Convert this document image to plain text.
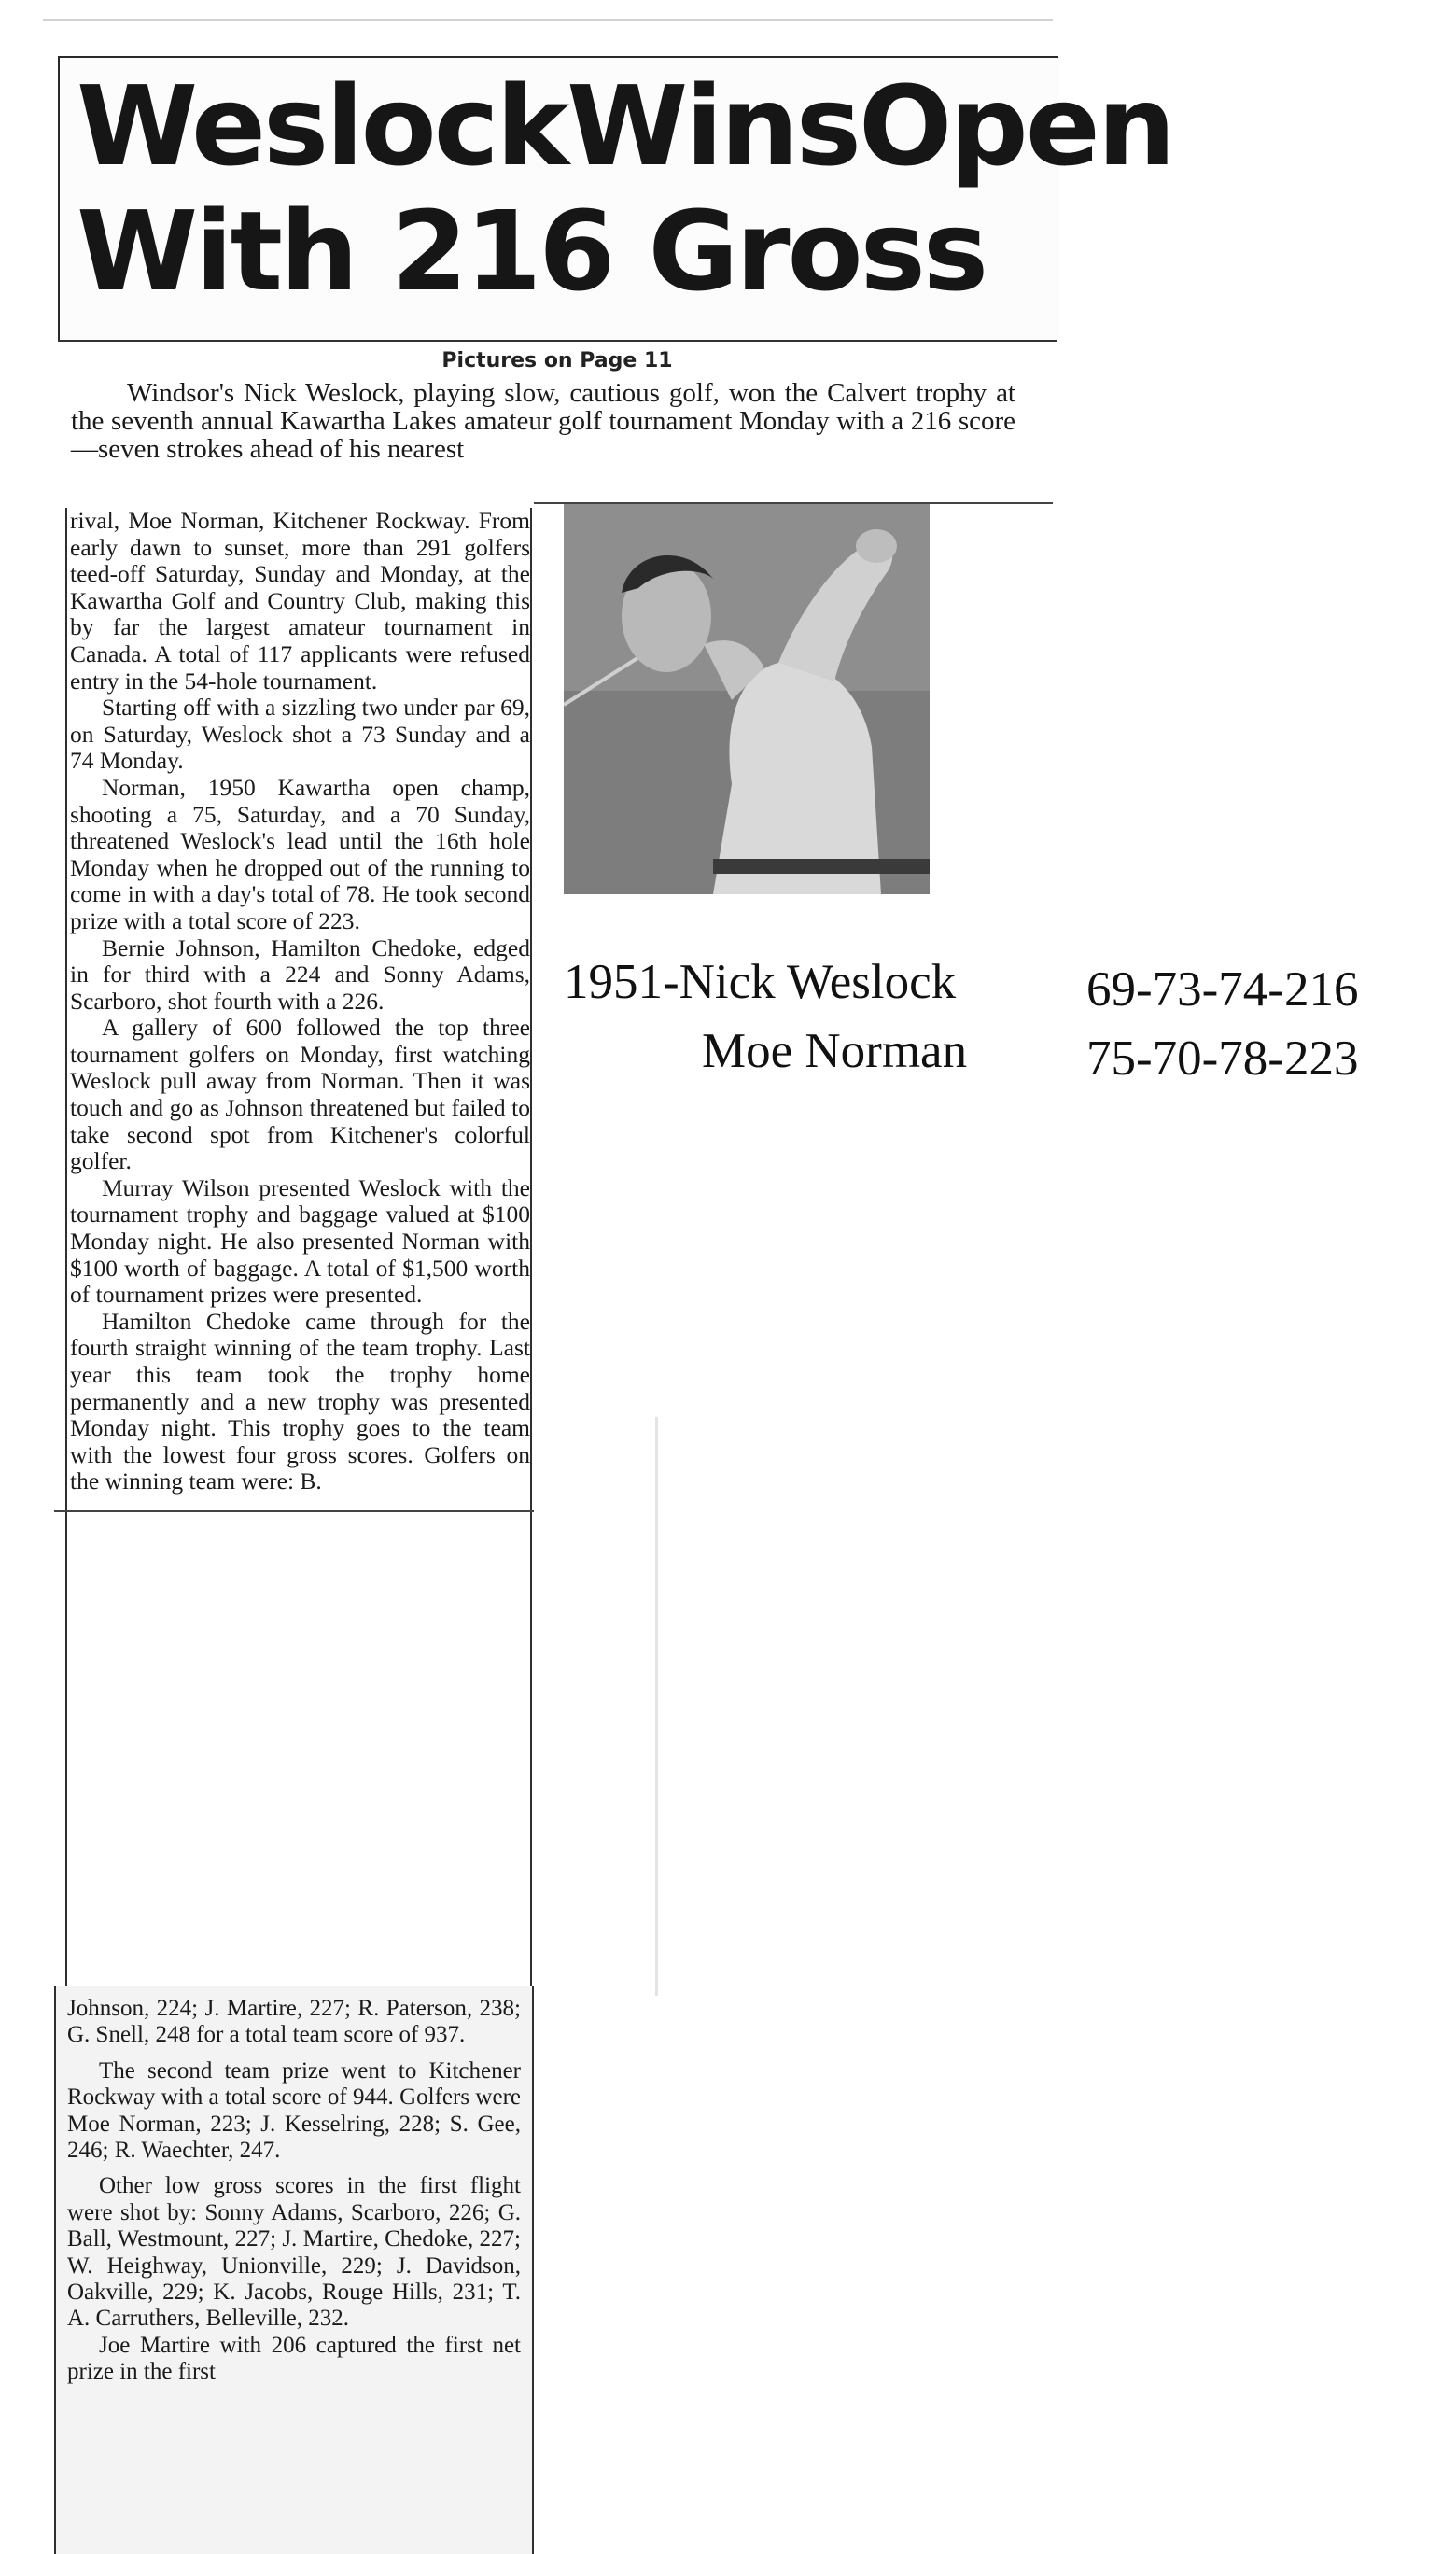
WeslockWinsOpen
With 216 Gross
Pictures on Page 11

Windsor's Nick Weslock, playing slow, cautious golf, won the Calvert trophy at the seventh annual Kawartha Lakes amateur golf tournament Monday with a 216 score—seven strokes ahead of his nearest

rival, Moe Norman, Kitchener Rockway. From early dawn to sunset, more than 291 golfers teed-off Saturday, Sunday and Monday, at the Kawartha Golf and Country Club, making this by far the largest amateur tournament in Canada. A total of 117 applicants were refused entry in the 54-hole tournament.

Starting off with a sizzling two under par 69, on Saturday, Weslock shot a 73 Sunday and a 74 Monday.

Norman, 1950 Kawartha open champ, shooting a 75, Saturday, and a 70 Sunday, threatened Weslock's lead until the 16th hole Monday when he dropped out of the running to come in with a day's total of 78. He took second prize with a total score of 223.

Bernie Johnson, Hamilton Chedoke, edged in for third with a 224 and Sonny Adams, Scarboro, shot fourth with a 226.

A gallery of 600 followed the top three tournament golfers on Monday, first watching Weslock pull away from Norman. Then it was touch and go as Johnson threatened but failed to take second spot from Kitchener's colorful golfer.

Murray Wilson presented Weslock with the tournament trophy and baggage valued at $100 Monday night. He also presented Norman with $100 worth of baggage. A total of $1,500 worth of tournament prizes were presented.

Hamilton Chedoke came through for the fourth straight winning of the team trophy. Last year this team took the trophy home permanently and a new trophy was presented Monday night. This trophy goes to the team with the lowest four gross scores. Golfers on the winning team were: B.

Johnson, 224; J. Martire, 227; R. Paterson, 238; G. Snell, 248 for a total team score of 937.

The second team prize went to Kitchener Rockway with a total score of 944. Golfers were Moe Norman, 223; J. Kesselring, 228; S. Gee, 246; R. Waechter, 247.

Other low gross scores in the first flight were shot by: Sonny Adams, Scarboro, 226; G. Ball, Westmount, 227; J. Martire, Chedoke, 227; W. Heighway, Unionville, 229; J. Davidson, Oakville, 229; K. Jacobs, Rouge Hills, 231; T. A. Carruthers, Belleville, 232.

Joe Martire with 206 captured the first net prize in the first

1951-Nick Weslock	69-73-74-216
Moe Norman 75-70-78-223
